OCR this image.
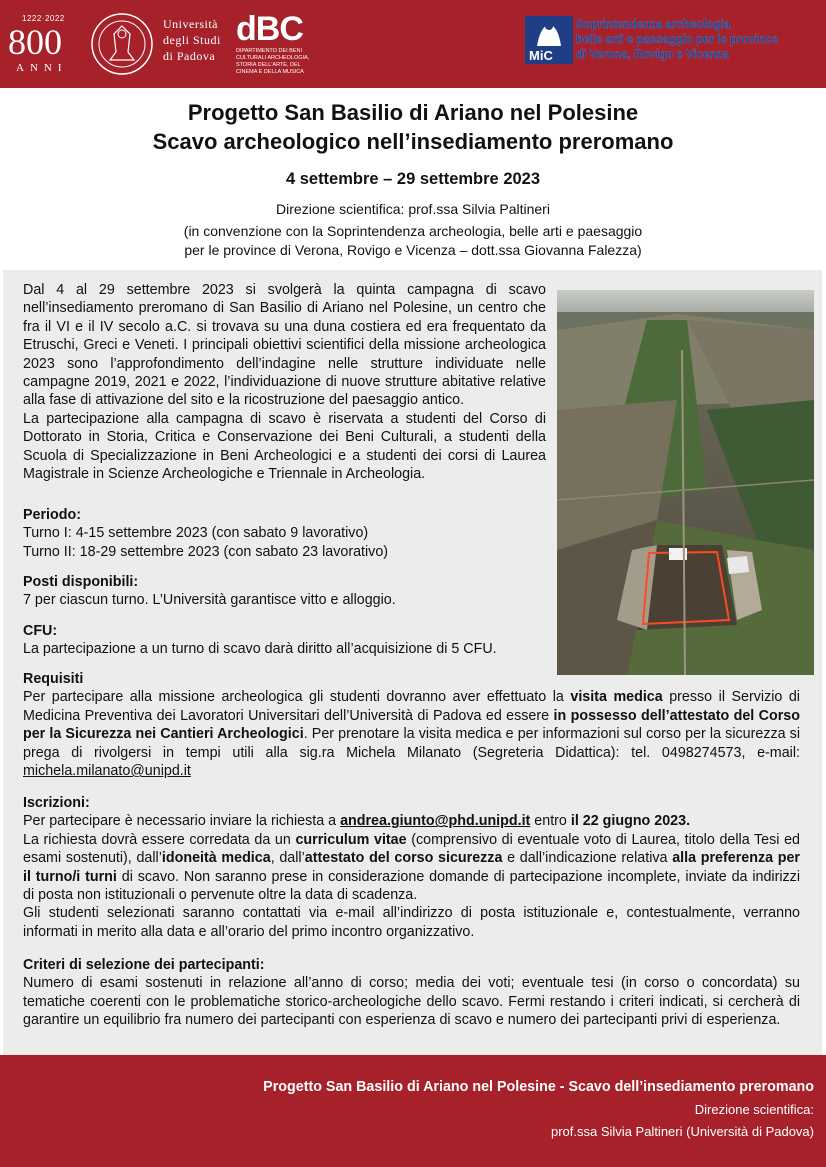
1222·2022
800
ANNI
Università
degli Studi
di Padova
dBC
DIPARTIMENTO DEI BENI CULTURALI ARCHEOLOGIA, STORIA DELL'ARTE, DEL CINEMA E DELLA MUSICA
MiC
Soprintendenza archeologia
belle arti e paesaggio per le province
di Verona, Rovigo e Vicenza
Progetto San Basilio di Ariano nel Polesine
Scavo archeologico nell’insediamento preromano
4 settembre – 29 settembre 2023
Direzione scientifica: prof.ssa Silvia Paltineri
(in convenzione con la Soprintendenza archeologia, belle arti e paesaggio
per le province di Verona, Rovigo e Vicenza – dott.ssa Giovanna Falezza)

Dal 4 al 29 settembre 2023 si svolgerà la quinta campagna di scavo nell’insediamento preromano di San Basilio di Ariano nel Polesine, un centro che fra il VI e il IV secolo a.C. si trovava su una duna costiera ed era frequentato da Etruschi, Greci e Veneti. I principali obiettivi scientifici della missione archeologica 2023 sono l’approfondimento dell’indagine nelle strutture individuate nelle campagne 2019, 2021 e 2022, l’individuazione di nuove strutture abitative relative alla fase di attivazione del sito e la ricostruzione del paesaggio antico.

La partecipazione alla campagna di scavo è riservata a studenti del Corso di Dottorato in Storia, Critica e Conservazione dei Beni Culturali, a studenti della Scuola di Specializzazione in Beni Archeologici e a studenti dei corsi di Laurea Magistrale in Scienze Archeologiche e Triennale in Archeologia.

Periodo:
Turno I: 4-15 settembre 2023 (con sabato 9 lavorativo)
Turno II: 18-29 settembre 2023 (con sabato 23 lavorativo)
Posti disponibili:
7 per ciascun turno. L’Università garantisce vitto e alloggio.
CFU:
La partecipazione a un turno di scavo darà diritto all’acquisizione di 5 CFU.
Requisiti
Per partecipare alla missione archeologica gli studenti dovranno aver effettuato la visita medica presso il Servizio di Medicina Preventiva dei Lavoratori Universitari dell’Università di Padova ed essere in possesso dell’attestato del Corso per la Sicurezza nei Cantieri Archeologici. Per prenotare la visita medica e per informazioni sul corso per la sicurezza si prega di rivolgersi in tempi utili alla sig.ra Michela Milanato (Segreteria Didattica): tel. 0498274573, e-mail: michela.milanato@unipd.it
Iscrizioni:
Per partecipare è necessario inviare la richiesta a andrea.giunto@phd.unipd.it entro il 22 giugno 2023.
La richiesta dovrà essere corredata da un curriculum vitae (comprensivo di eventuale voto di Laurea, titolo della Tesi ed esami sostenuti), dall’idoneità medica, dall’attestato del corso sicurezza e dall’indicazione relativa alla preferenza per il turno/i turni di scavo. Non saranno prese in considerazione domande di partecipazione incomplete, inviate da indirizzi di posta non istituzionali o pervenute oltre la data di scadenza.
Gli studenti selezionati saranno contattati via e-mail all’indirizzo di posta istituzionale e, contestualmente, verranno informati in merito alla data e all’orario del primo incontro organizzativo.
Criteri di selezione dei partecipanti:
Numero di esami sostenuti in relazione all’anno di corso; media dei voti; eventuale tesi (in corso o concordata) su tematiche coerenti con le problematiche storico-archeologiche dello scavo. Fermi restando i criteri indicati, si cercherà di garantire un equilibrio fra numero dei partecipanti con esperienza di scavo e numero dei partecipanti privi di esperienza.
Progetto San Basilio di Ariano nel Polesine - Scavo dell’insediamento preromano
Direzione scientifica:
prof.ssa Silvia Paltineri (Università di Padova)
